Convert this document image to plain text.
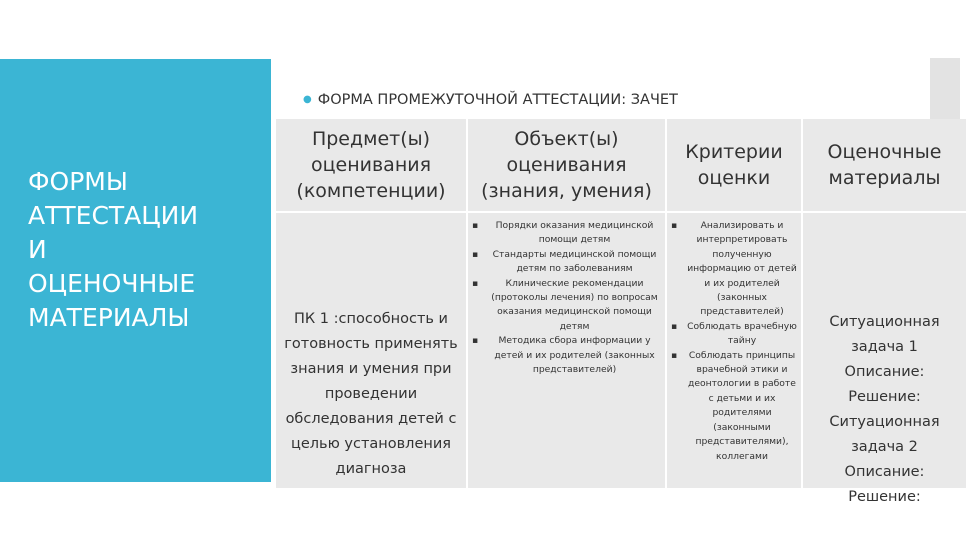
ФОРМЫ
АТТЕСТАЦИИ
И
ОЦЕНОЧНЫЕ
МАТЕРИАЛЫ
● ФОРМА ПРОМЕЖУТОЧНОЙ АТТЕСТАЦИИ: ЗАЧЕТ
Предмет(ы) оценивания (компетенции)
Объект(ы) оценивания (знания, умения)
Критерии оценки
Оценочные материалы
ПК 1 :способность и готовность применять знания и умения при проведении обследования детей с целью установления диагноза
▪ Порядки оказания медицинской помощи детям
▪ Стандарты медицинской помощи детям по заболеваниям
▪ Клинические рекомендации (протоколы лечения) по вопросам оказания медицинской помощи детям
▪ Методика сбора информации у детей и их родителей (законных представителей)
▪ Анализировать и интерпретировать полученную информацию от детей и их родителей (законных представителей)
▪ Соблюдать врачебную тайну
▪ Соблюдать принципы врачебной этики и деонтологии в работе с детьми и их родителями (законными представителями), коллегами
Ситуационная задача 1
Описание:
Решение:
Ситуационная задача 2
Описание:
Решение:
